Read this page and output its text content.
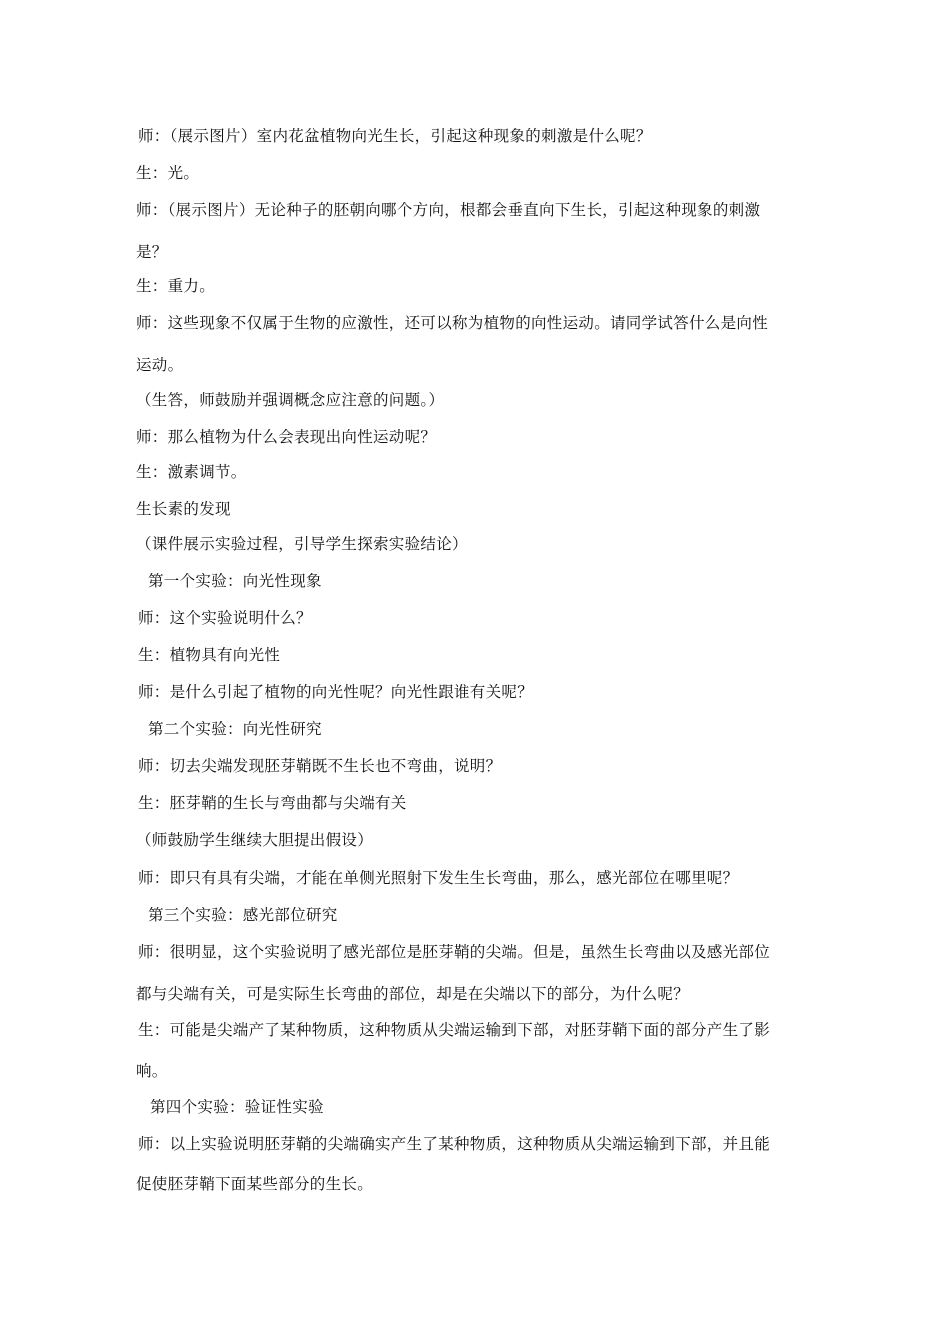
师：（展示图片）室内花盆植物向光生长，引起这种现象的刺激是什么呢？
生：光。
师：（展示图片）无论种子的胚朝向哪个方向，根都会垂直向下生长，引起这种现象的刺激
是？
生：重力。
师：这些现象不仅属于生物的应激性，还可以称为植物的向性运动。请同学试答什么是向性
运动。
（生答，师鼓励并强调概念应注意的问题。）
师：那么植物为什么会表现出向性运动呢？
生：激素调节。
生长素的发现
（课件展示实验过程，引导学生探索实验结论）
第一个实验：向光性现象
师：这个实验说明什么？
生：植物具有向光性
师：是什么引起了植物的向光性呢？向光性跟谁有关呢？
第二个实验：向光性研究
师：切去尖端发现胚芽鞘既不生长也不弯曲，说明？
生：胚芽鞘的生长与弯曲都与尖端有关
（师鼓励学生继续大胆提出假设）
师：即只有具有尖端，才能在单侧光照射下发生生长弯曲，那么，感光部位在哪里呢？
第三个实验：感光部位研究
师：很明显，这个实验说明了感光部位是胚芽鞘的尖端。但是，虽然生长弯曲以及感光部位
都与尖端有关，可是实际生长弯曲的部位，却是在尖端以下的部分，为什么呢？
生：可能是尖端产了某种物质，这种物质从尖端运输到下部，对胚芽鞘下面的部分产生了影
响。
第四个实验：验证性实验
师：以上实验说明胚芽鞘的尖端确实产生了某种物质，这种物质从尖端运输到下部，并且能
促使胚芽鞘下面某些部分的生长。
